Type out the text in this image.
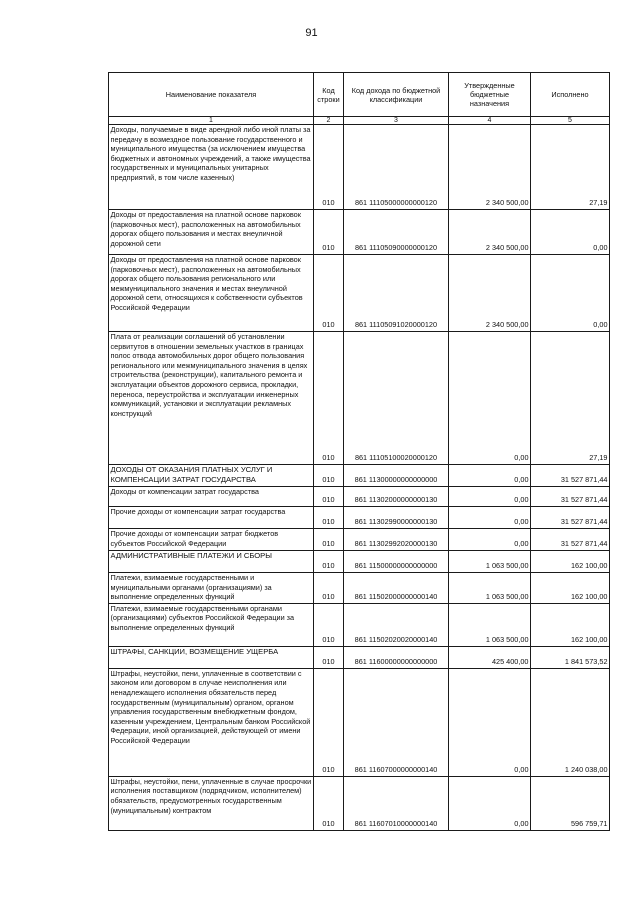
91
Наименование показателя	Код строки	Код дохода по бюджетной классификации	Утвержденные бюджетные назначения	Исполнено
1	2	3	4	5
Доходы, получаемые в виде арендной либо иной платы за передачу в возмездное пользование государственного и муниципального имущества (за исключением имущества бюджетных и автономных учреждений, а также имущества государственных и муниципальных унитарных предприятий, в том числе казенных)	010	861 11105000000000120	2 340 500,00	27,19
Доходы от предоставления на платной основе парковок (парковочных мест), расположенных на автомобильных дорогах общего пользования и местах внеуличной дорожной сети	010	861 11105090000000120	2 340 500,00	0,00
Доходы от предоставления на платной основе парковок (парковочных мест), расположенных на автомобильных дорогах общего пользования регионального или межмуниципального значения и местах внеуличной дорожной сети, относящихся к собственности субъектов Российской Федерации	010	861 11105091020000120	2 340 500,00	0,00
Плата от реализации соглашений об установлении сервитутов в отношении земельных участков в границах полос отвода автомобильных дорог общего пользования регионального или межмуниципального значения в целях строительства (реконструкции), капитального ремонта и эксплуатации объектов дорожного сервиса, прокладки, переноса, переустройства и эксплуатации инженерных коммуникаций, установки и эксплуатации рекламных конструкций	010	861 11105100020000120	0,00	27,19
ДОХОДЫ ОТ ОКАЗАНИЯ ПЛАТНЫХ УСЛУГ И КОМПЕНСАЦИИ ЗАТРАТ ГОСУДАРСТВА	010	861 11300000000000000	0,00	31 527 871,44
Доходы от компенсации затрат государства	010	861 11302000000000130	0,00	31 527 871,44
Прочие доходы от компенсации затрат государства	010	861 11302990000000130	0,00	31 527 871,44
Прочие доходы от компенсации затрат бюджетов субъектов Российской Федерации	010	861 11302992020000130	0,00	31 527 871,44
АДМИНИСТРАТИВНЫЕ ПЛАТЕЖИ И СБОРЫ	010	861 11500000000000000	1 063 500,00	162 100,00
Платежи, взимаемые государственными и муниципальными органами (организациями) за выполнение определенных функций	010	861 11502000000000140	1 063 500,00	162 100,00
Платежи, взимаемые государственными органами (организациями) субъектов Российской Федерации за выполнение определенных функций	010	861 11502020020000140	1 063 500,00	162 100,00
ШТРАФЫ, САНКЦИИ, ВОЗМЕЩЕНИЕ УЩЕРБА	010	861 11600000000000000	425 400,00	1 841 573,52
Штрафы, неустойки, пени, уплаченные в соответствии с законом или договором в случае неисполнения или ненадлежащего исполнения обязательств перед государственным (муниципальным) органом, органом управления государственным внебюджетным фондом, казенным учреждением, Центральным банком Российской Федерации, иной организацией, действующей от имени Российской Федерации	010	861 11607000000000140	0,00	1 240 038,00
Штрафы, неустойки, пени, уплаченные в случае просрочки исполнения поставщиком (подрядчиком, исполнителем) обязательств, предусмотренных государственным (муниципальным) контрактом	010	861 11607010000000140	0,00	596 759,71
